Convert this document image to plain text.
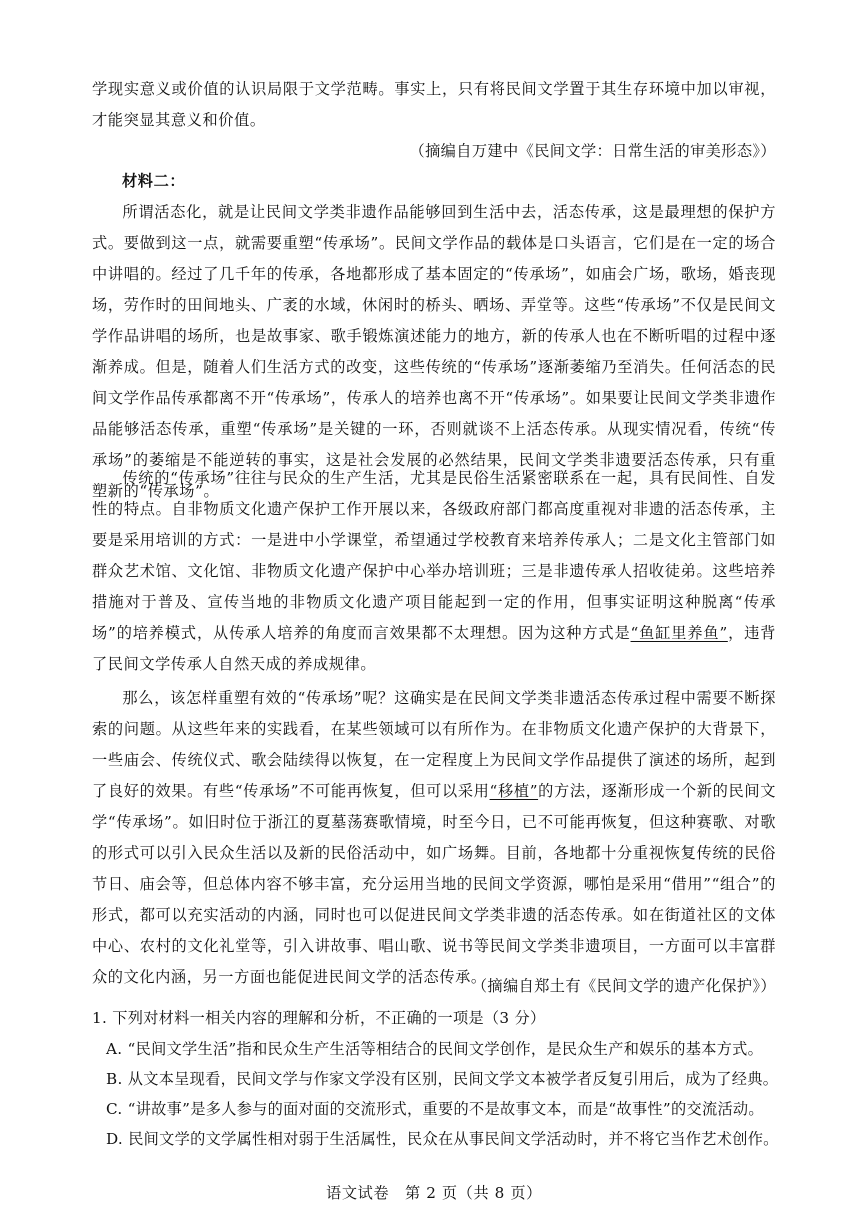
学现实意义或价值的认识局限于文学范畴。事实上，只有将民间文学置于其生存环境中加以审视，才能突显其意义和价值。

（摘编自万建中《民间文学：日常生活的审美形态》）
材料二：

所谓活态化，就是让民间文学类非遗作品能够回到生活中去，活态传承，这是最理想的保护方式。要做到这一点，就需要重塑“传承场”。民间文学作品的载体是口头语言，它们是在一定的场合中讲唱的。经过了几千年的传承，各地都形成了基本固定的“传承场”，如庙会广场，歌场，婚丧现场，劳作时的田间地头、广袤的水域，休闲时的桥头、晒场、弄堂等。这些“传承场”不仅是民间文学作品讲唱的场所，也是故事家、歌手锻炼演述能力的地方，新的传承人也在不断听唱的过程中逐渐养成。但是，随着人们生活方式的改变，这些传统的“传承场”逐渐萎缩乃至消失。任何活态的民间文学作品传承都离不开“传承场”，传承人的培养也离不开“传承场”。如果要让民间文学类非遗作品能够活态传承，重塑“传承场”是关键的一环，否则就谈不上活态传承。从现实情况看，传统“传承场”的萎缩是不能逆转的事实，这是社会发展的必然结果，民间文学类非遗要活态传承，只有重塑新的“传承场”。

传统的“传承场”往往与民众的生产生活，尤其是民俗生活紧密联系在一起，具有民间性、自发性的特点。自非物质文化遗产保护工作开展以来，各级政府部门都高度重视对非遗的活态传承，主要是采用培训的方式：一是进中小学课堂，希望通过学校教育来培养传承人；二是文化主管部门如群众艺术馆、文化馆、非物质文化遗产保护中心举办培训班；三是非遗传承人招收徒弟。这些培养措施对于普及、宣传当地的非物质文化遗产项目能起到一定的作用，但事实证明这种脱离“传承场”的培养模式，从传承人培养的角度而言效果都不太理想。因为这种方式是“鱼缸里养鱼”，违背了民间文学传承人自然天成的养成规律。

那么，该怎样重塑有效的“传承场”呢？这确实是在民间文学类非遗活态传承过程中需要不断探索的问题。从这些年来的实践看，在某些领域可以有所作为。在非物质文化遗产保护的大背景下，一些庙会、传统仪式、歌会陆续得以恢复，在一定程度上为民间文学作品提供了演述的场所，起到了良好的效果。有些“传承场”不可能再恢复，但可以采用“移植”的方法，逐渐形成一个新的民间文学“传承场”。如旧时位于浙江的夏墓荡赛歌情境，时至今日，已不可能再恢复，但这种赛歌、对歌的形式可以引入民众生活以及新的民俗活动中，如广场舞。目前，各地都十分重视恢复传统的民俗节日、庙会等，但总体内容不够丰富，充分运用当地的民间文学资源，哪怕是采用“借用”“组合”的形式，都可以充实活动的内涵，同时也可以促进民间文学类非遗的活态传承。如在街道社区的文体中心、农村的文化礼堂等，引入讲故事、唱山歌、说书等民间文学类非遗项目，一方面可以丰富群众的文化内涵，另一方面也能促进民间文学的活态传承。

（摘编自郑土有《民间文学的遗产化保护》）
1. 下列对材料一相关内容的理解和分析，不正确的一项是（3 分）
A. “民间文学生活”指和民众生产生活等相结合的民间文学创作，是民众生产和娱乐的基本方式。
B. 从文本呈现看，民间文学与作家文学没有区别，民间文学文本被学者反复引用后，成为了经典。
C. “讲故事”是多人参与的面对面的交流形式，重要的不是故事文本，而是“故事性”的交流活动。
D. 民间文学的文学属性相对弱于生活属性，民众在从事民间文学活动时，并不将它当作艺术创作。
语文试卷　第 2 页（共 8 页）
